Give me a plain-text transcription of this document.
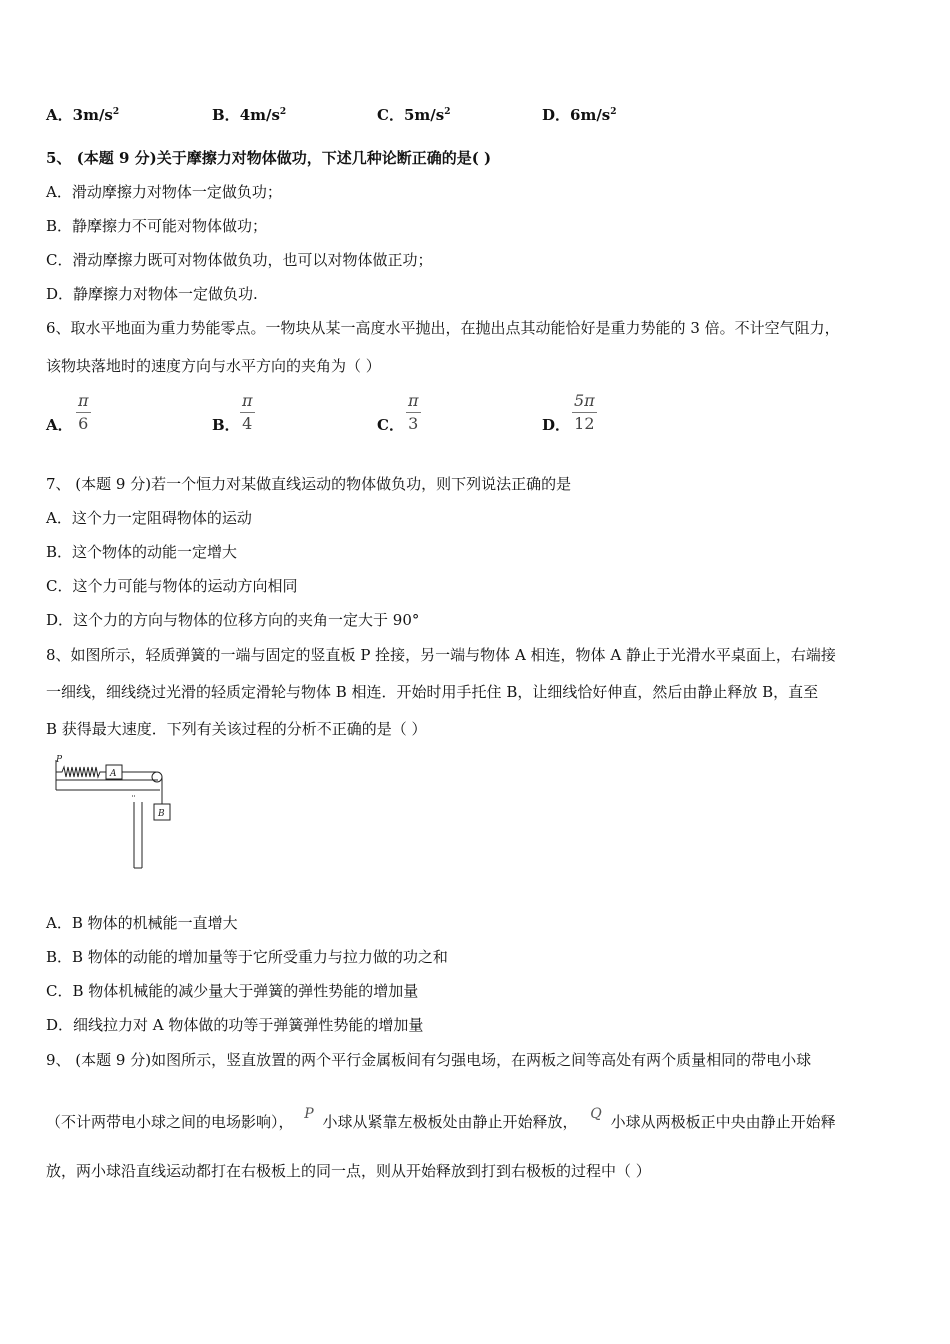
A．$3m/s^2$	B．$4m/s^2$	C．$5m/s^2$	D．$6m/s^2$
5、 (本题 9 分)关于摩擦力对物体做功，下述几种论断正确的是( )
A．滑动摩擦力对物体一定做负功；
B．静摩擦力不可能对物体做功；
C．滑动摩擦力既可对物体做负功，也可以对物体做正功；
D．静摩擦力对物体一定做负功.
6、取水平地面为重力势能零点。一物块从某一高度水平抛出，在抛出点其动能恰好是重力势能的 3 倍。不计空气阻力，
该物块落地时的速度方向与水平方向的夹角为（ ）
A． $\frac{\pi}{6}$	B． $\frac{\pi}{4}$	C． $\frac{\pi}{3}$	D． $\frac{5\pi}{12}$
7、 (本题 9 分)若一个恒力对某做直线运动的物体做负功，则下列说法正确的是
A．这个力一定阻碍物体的运动
B．这个物体的动能一定增大
C．这个力可能与物体的运动方向相同
D．这个力的方向与物体的位移方向的夹角一定大于 90°
8、如图所示，轻质弹簧的一端与固定的竖直板 P 拴接，另一端与物体 A 相连，物体 A 静止于光滑水平桌面上，右端接
一细线，细线绕过光滑的轻质定滑轮与物体 B 相连．开始时用手托住 B，让细线恰好伸直，然后由静止释放 B，直至
B 获得最大速度．下列有关该过程的分析不正确的是（ ）
P
A
B
A．B 物体的机械能一直增大
B．B 物体的动能的增加量等于它所受重力与拉力做的功之和
C．B 物体机械能的减少量大于弹簧的弹性势能的增加量
D．细线拉力对 A 物体做的功等于弹簧弹性势能的增加量
9、 (本题 9 分)如图所示，竖直放置的两个平行金属板间有匀强电场，在两板之间等高处有两个质量相同的带电小球
（不计两带电小球之间的电场影响）， P 小球从紧靠左极板处由静止开始释放， Q 小球从两极板正中央由静止开始释
放，两小球沿直线运动都打在右极板上的同一点，则从开始释放到打到右极板的过程中（ ）
